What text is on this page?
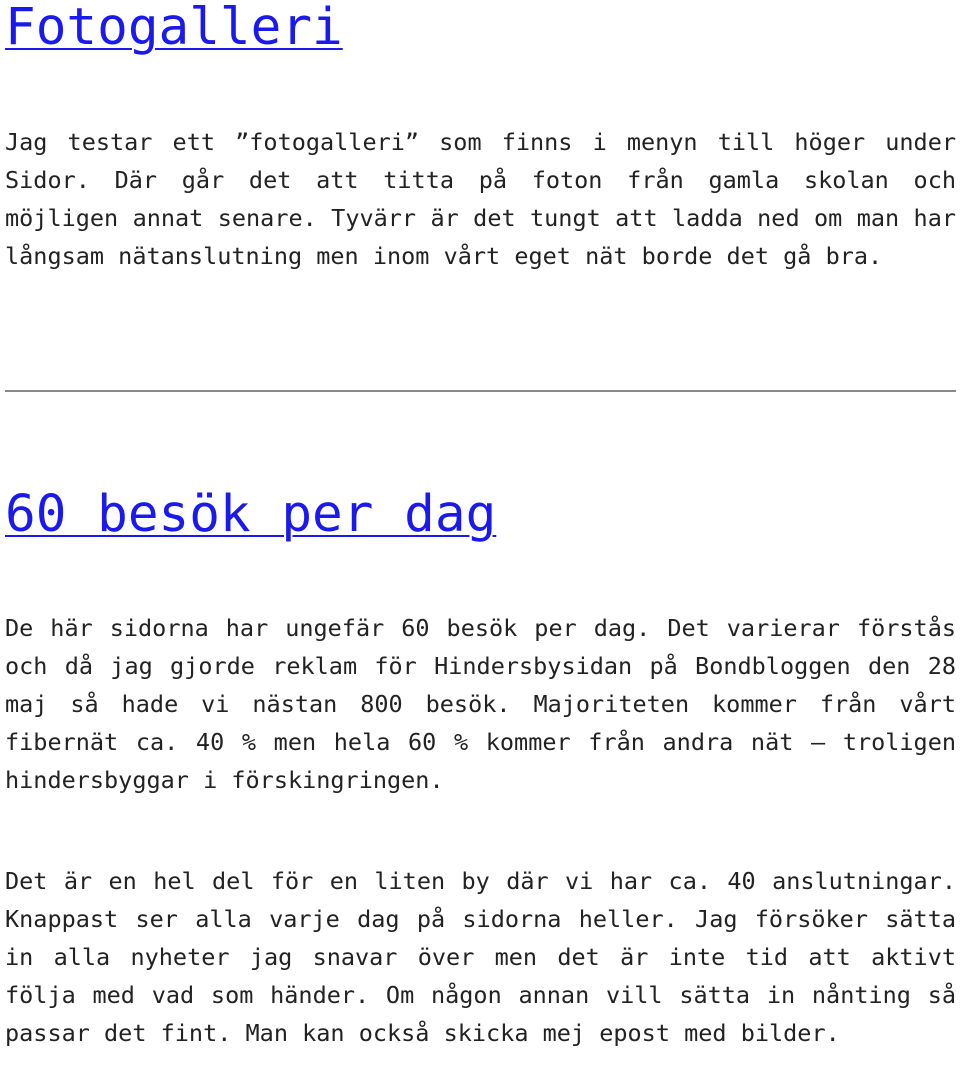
Fotogalleri

Jag testar ett ”fotogalleri” som finns i menyn till höger under Sidor. Där går det att titta på foton från gamla skolan och möjligen annat senare. Tyvärr är det tungt att ladda ned om man har långsam nätanslutning men inom vårt eget nät borde det gå bra.

60 besök per dag

De här sidorna har ungefär 60 besök per dag. Det varierar förstås och då jag gjorde reklam för Hindersbysidan på Bondbloggen den 28 maj så hade vi nästan 800 besök. Majoriteten kommer från vårt fibernät ca. 40 % men hela 60 % kommer från andra nät – troligen hindersbyggar i förskingringen.

Det är en hel del för en liten by där vi har ca. 40 anslutningar. Knappast ser alla varje dag på sidorna heller. Jag försöker sätta in alla nyheter jag snavar över men det är inte tid att aktivt följa med vad som händer. Om någon annan vill sätta in nånting så passar det fint. Man kan också skicka mej epost med bilder.
